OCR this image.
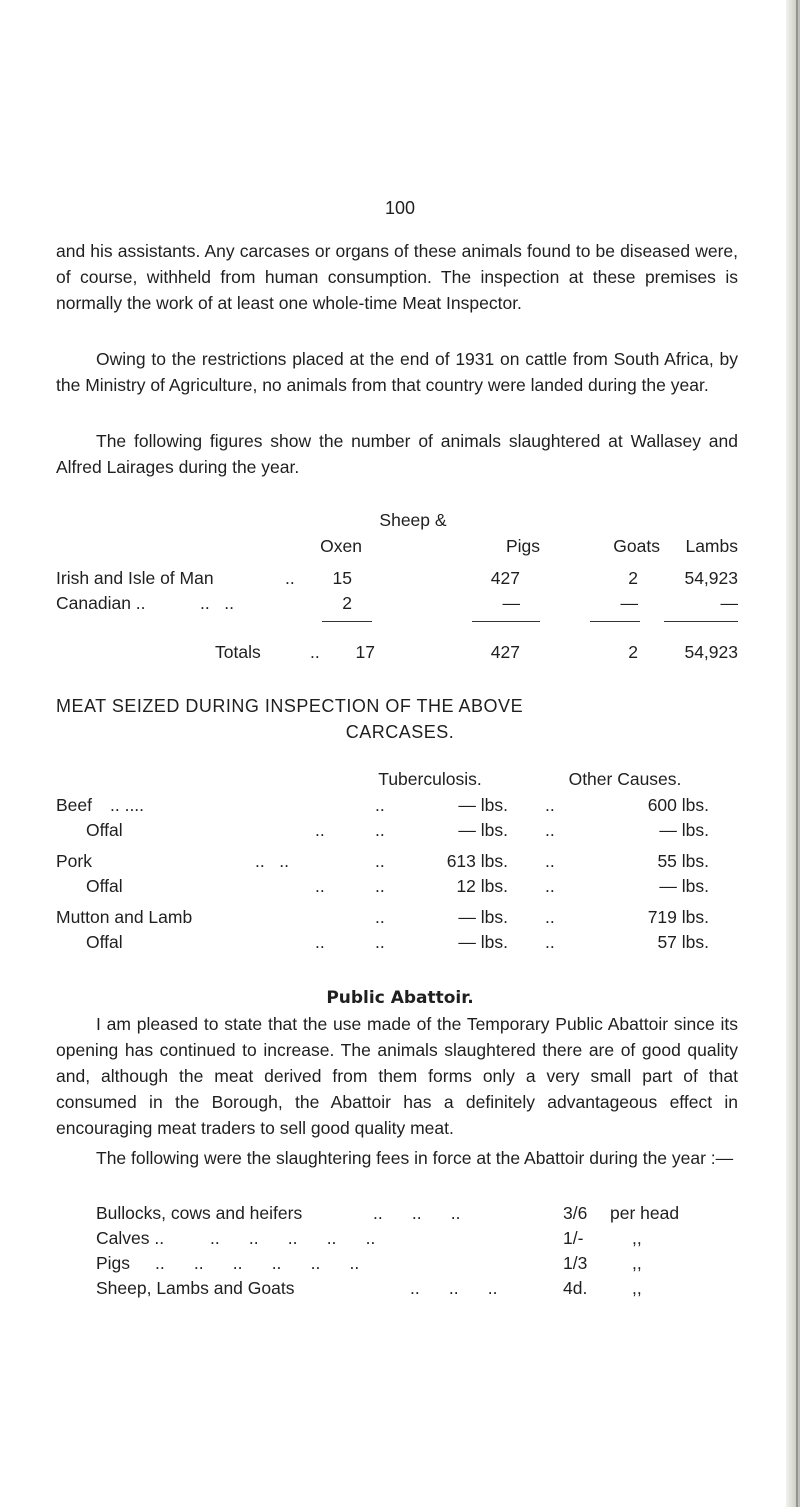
100

and his assistants. Any carcases or organs of these animals found to be diseased were, of course, withheld from human consumption. The inspection at these premises is normally the work of at least one whole-time Meat Inspector.

Owing to the restrictions placed at the end of 1931 on cattle from South Africa, by the Ministry of Agriculture, no animals from that country were landed during the year.

The following figures show the number of animals slaughtered at Wallasey and Alfred Lairages during the year.

Sheep &
Oxen	Pigs	Goats	Lambs
Irish and Isle of Man	..	15	427	2	54,923
Canadian ..	..   ..	2	—	—	—
Totals	..	17	427	2	54,923
MEAT SEIZED DURING INSPECTION OF THE ABOVE
CARCASES.
Tuberculosis.	Other Causes.
Beef .. ....	..	— lbs. ..	600 lbs.
Offal	..	..	— lbs. ..	— lbs.
Pork	..   ..	..	613 lbs. ..	55 lbs.
Offal	..	..	12 lbs. ..	— lbs.
Mutton and Lamb	..	— lbs. ..	719 lbs.
Offal	..	..	— lbs. ..	57 lbs.
Public Abattoir.

I am pleased to state that the use made of the Temporary Public Abattoir since its opening has continued to increase. The animals slaughtered there are of good quality and, although the meat derived from them forms only a very small part of that consumed in the Borough, the Abattoir has a definitely advantageous effect in encouraging meat traders to sell good quality meat.

The following were the slaughtering fees in force at the Abattoir during the year :—

Bullocks, cows and heifers	..      ..      ..	3/6 per head
Calves ..	..      ..      ..      ..      ..	1/-	,,
Pigs ..      ..      ..      ..      ..      ..	1/3	,,
Sheep, Lambs and Goats	..      ..      ..	4d.	,,
